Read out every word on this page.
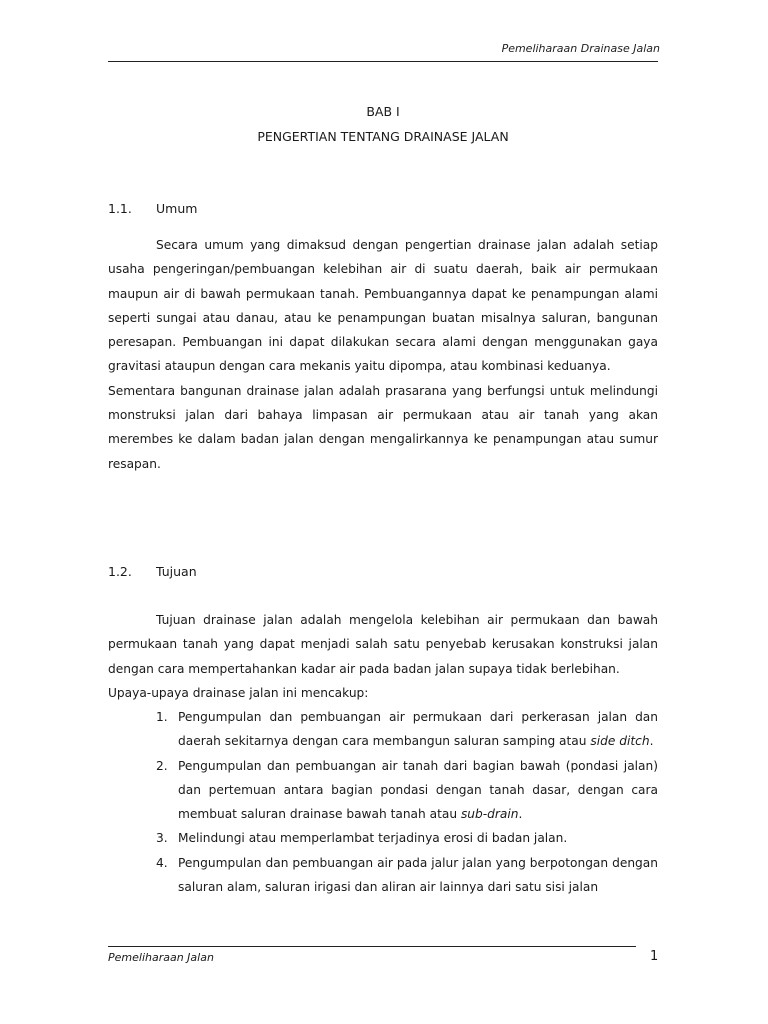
Pemeliharaan Drainase Jalan
BAB I
PENGERTIAN TENTANG DRAINASE JALAN
1.1. Umum

Secara umum yang dimaksud dengan pengertian drainase jalan adalah setiap usaha pengeringan/pembuangan kelebihan air di suatu daerah, baik air permukaan maupun air di bawah permukaan tanah. Pembuangannya dapat ke penampungan alami seperti sungai atau danau, atau ke penampungan buatan misalnya saluran, bangunan peresapan. Pembuangan ini dapat dilakukan secara alami dengan menggunakan gaya gravitasi ataupun dengan cara mekanis yaitu dipompa, atau kombinasi keduanya.

Sementara bangunan drainase jalan adalah prasarana yang berfungsi untuk melindungi monstruksi jalan dari bahaya limpasan air permukaan atau air tanah yang akan merembes ke dalam badan jalan dengan mengalirkannya ke penampungan atau sumur resapan.

1.2. Tujuan

Tujuan drainase jalan adalah mengelola kelebihan air permukaan dan bawah permukaan tanah yang dapat menjadi salah satu penyebab kerusakan konstruksi jalan dengan cara mempertahankan kadar air pada badan jalan supaya tidak berlebihan.

Upaya-upaya drainase jalan ini mencakup:

1. Pengumpulan dan pembuangan air permukaan dari perkerasan jalan dan daerah sekitarnya dengan cara membangun saluran samping atau side ditch.
2. Pengumpulan dan pembuangan air tanah dari bagian bawah (pondasi jalan) dan pertemuan antara bagian pondasi dengan tanah dasar, dengan cara membuat saluran drainase bawah tanah atau sub-drain.
3. Melindungi atau memperlambat terjadinya erosi di badan jalan.
4. Pengumpulan dan pembuangan air pada jalur jalan yang berpotongan dengan saluran alam, saluran irigasi dan aliran air lainnya dari satu sisi jalan
Pemeliharaan Jalan	1
